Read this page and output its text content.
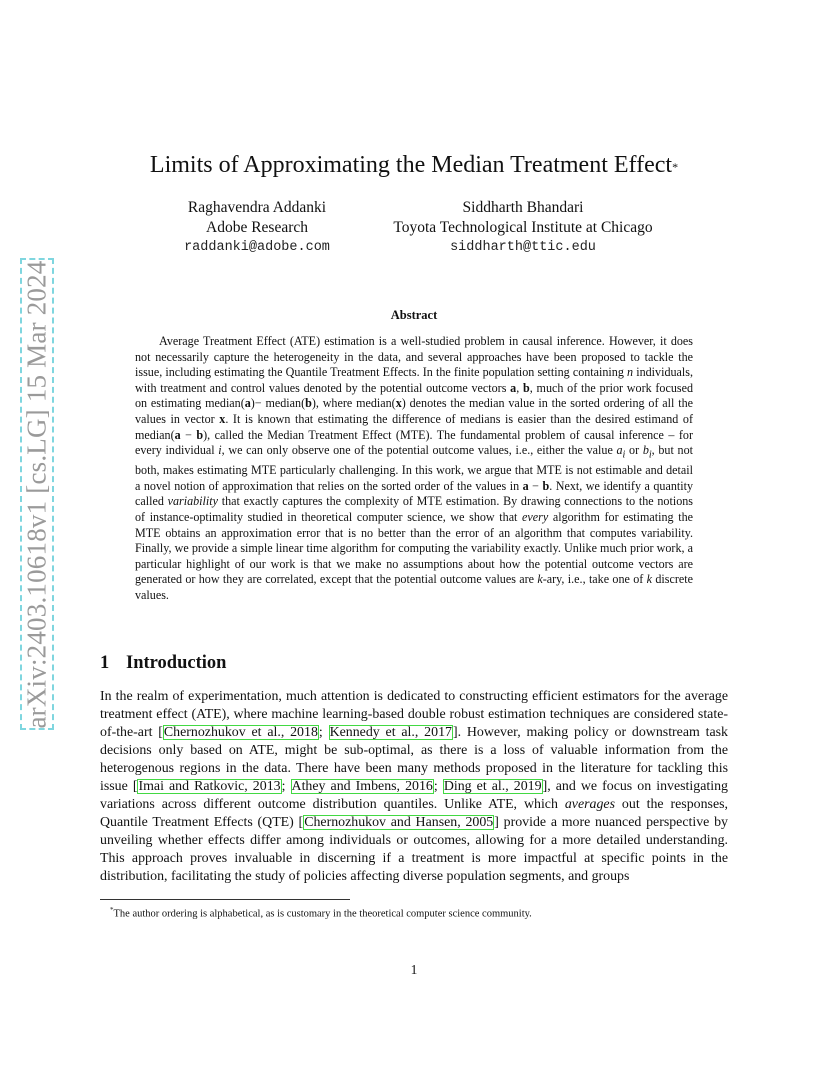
arXiv:2403.10618v1 [cs.LG] 15 Mar 2024
Limits of Approximating the Median Treatment Effect*
Raghavendra Addanki
Adobe Research
raddanki@adobe.com
Siddharth Bhandari
Toyota Technological Institute at Chicago
siddharth@ttic.edu
Abstract

Average Treatment Effect (ATE) estimation is a well-studied problem in causal inference. However, it does not necessarily capture the heterogeneity in the data, and several approaches have been proposed to tackle the issue, including estimating the Quantile Treatment Effects. In the finite population setting containing n individuals, with treatment and control values denoted by the potential outcome vectors a, b, much of the prior work focused on estimating median(a)− median(b), where median(x) denotes the median value in the sorted ordering of all the values in vector x. It is known that estimating the difference of medians is easier than the desired estimand of median(a − b), called the Median Treatment Effect (MTE). The fundamental problem of causal inference – for every individual i, we can only observe one of the potential outcome values, i.e., either the value $a_i$ or $b_i$, but not both, makes estimating MTE particularly challenging. In this work, we argue that MTE is not estimable and detail a novel notion of approximation that relies on the sorted order of the values in a − b. Next, we identify a quantity called variability that exactly captures the complexity of MTE estimation. By drawing connections to the notions of instance-optimality studied in theoretical computer science, we show that every algorithm for estimating the MTE obtains an approximation error that is no better than the error of an algorithm that computes variability. Finally, we provide a simple linear time algorithm for computing the variability exactly. Unlike much prior work, a particular highlight of our work is that we make no assumptions about how the potential outcome vectors are generated or how they are correlated, except that the potential outcome values are k-ary, i.e., take one of k discrete values.

1 Introduction

In the realm of experimentation, much attention is dedicated to constructing efficient estimators for the average treatment effect (ATE), where machine learning-based double robust estimation techniques are considered state-of-the-art [Chernozhukov et al., 2018; Kennedy et al., 2017]. However, making policy or downstream task decisions only based on ATE, might be sub-optimal, as there is a loss of valuable information from the heterogenous regions in the data. There have been many methods proposed in the literature for tackling this issue [Imai and Ratkovic, 2013; Athey and Imbens, 2016; Ding et al., 2019], and we focus on investigating variations across different outcome distribution quantiles. Unlike ATE, which averages out the responses, Quantile Treatment Effects (QTE) [Chernozhukov and Hansen, 2005] provide a more nuanced perspective by unveiling whether effects differ among individuals or outcomes, allowing for a more detailed understanding. This approach proves invaluable in discerning if a treatment is more impactful at specific points in the distribution, facilitating the study of policies affecting diverse population segments, and groups

*The author ordering is alphabetical, as is customary in the theoretical computer science community.

1
